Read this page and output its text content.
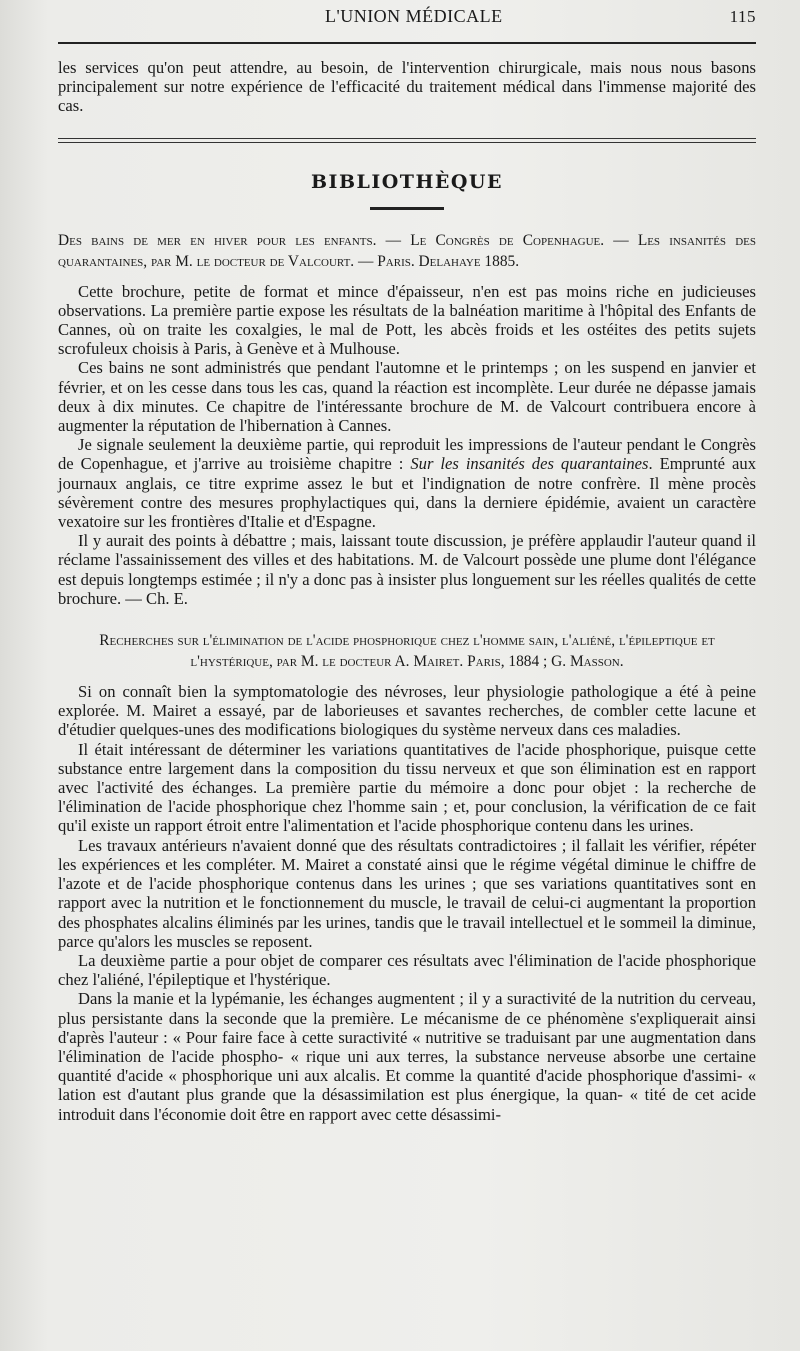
L'UNION MÉDICALE	115

les services qu'on peut attendre, au besoin, de l'intervention chirurgicale, mais nous nous basons principalement sur notre expérience de l'efficacité du traitement médical dans l'immense majorité des cas.

BIBLIOTHÈQUE
Des bains de mer en hiver pour les enfants. — Le Congrès de Copenhague. — Les insanités des quarantaines, par M. le docteur de Valcourt. — Paris. Delahaye 1885.

Cette brochure, petite de format et mince d'épaisseur, n'en est pas moins riche en judicieuses observations. La première partie expose les résultats de la balnéation maritime à l'hôpital des Enfants de Cannes, où on traite les coxalgies, le mal de Pott, les abcès froids et les ostéites des petits sujets scrofuleux choisis à Paris, à Genève et à Mulhouse.

Ces bains ne sont administrés que pendant l'automne et le printemps ; on les suspend en janvier et février, et on les cesse dans tous les cas, quand la réaction est incomplète. Leur durée ne dépasse jamais deux à dix minutes. Ce chapitre de l'intéressante brochure de M. de Valcourt contribuera encore à augmenter la réputation de l'hibernation à Cannes.

Je signale seulement la deuxième partie, qui reproduit les impressions de l'auteur pendant le Congrès de Copenhague, et j'arrive au troisième chapitre : Sur les insanités des quarantaines. Emprunté aux journaux anglais, ce titre exprime assez le but et l'indignation de notre confrère. Il mène procès sévèrement contre des mesures prophylactiques qui, dans la derniere épidémie, avaient un caractère vexatoire sur les frontières d'Italie et d'Espagne.

Il y aurait des points à débattre ; mais, laissant toute discussion, je préfère applaudir l'auteur quand il réclame l'assainissement des villes et des habitations. M. de Valcourt possède une plume dont l'élégance est depuis longtemps estimée ; il n'y a donc pas à insister plus longuement sur les réelles qualités de cette brochure. — Ch. E.

Recherches sur l'élimination de l'acide phosphorique chez l'homme sain, l'aliéné, l'épileptique et l'hystérique, par M. le docteur A. Mairet. Paris, 1884 ; G. Masson.

Si on connaît bien la symptomatologie des névroses, leur physiologie pathologique a été à peine explorée. M. Mairet a essayé, par de laborieuses et savantes recherches, de combler cette lacune et d'étudier quelques-unes des modifications biologiques du système nerveux dans ces maladies.

Il était intéressant de déterminer les variations quantitatives de l'acide phosphorique, puisque cette substance entre largement dans la composition du tissu nerveux et que son élimination est en rapport avec l'activité des échanges. La première partie du mémoire a donc pour objet : la recherche de l'élimination de l'acide phosphorique chez l'homme sain ; et, pour conclusion, la vérification de ce fait qu'il existe un rapport étroit entre l'alimentation et l'acide phosphorique contenu dans les urines.

Les travaux antérieurs n'avaient donné que des résultats contradictoires ; il fallait les vérifier, répéter les expériences et les compléter. M. Mairet a constaté ainsi que le régime végétal diminue le chiffre de l'azote et de l'acide phosphorique contenus dans les urines ; que ses variations quantitatives sont en rapport avec la nutrition et le fonctionnement du muscle, le travail de celui-ci augmentant la proportion des phosphates alcalins éliminés par les urines, tandis que le travail intellectuel et le sommeil la diminue, parce qu'alors les muscles se reposent.

La deuxième partie a pour objet de comparer ces résultats avec l'élimination de l'acide phosphorique chez l'aliéné, l'épileptique et l'hystérique.

Dans la manie et la lypémanie, les échanges augmentent ; il y a suractivité de la nutrition du cerveau, plus persistante dans la seconde que la première. Le mécanisme de ce phénomène s'expliquerait ainsi d'après l'auteur : « Pour faire face à cette suractivité « nutritive se traduisant par une augmentation dans l'élimination de l'acide phospho- « rique uni aux terres, la substance nerveuse absorbe une certaine quantité d'acide « phosphorique uni aux alcalis. Et comme la quantité d'acide phosphorique d'assimi- « lation est d'autant plus grande que la désassimilation est plus énergique, la quan- « tité de cet acide introduit dans l'économie doit être en rapport avec cette désassimi-
